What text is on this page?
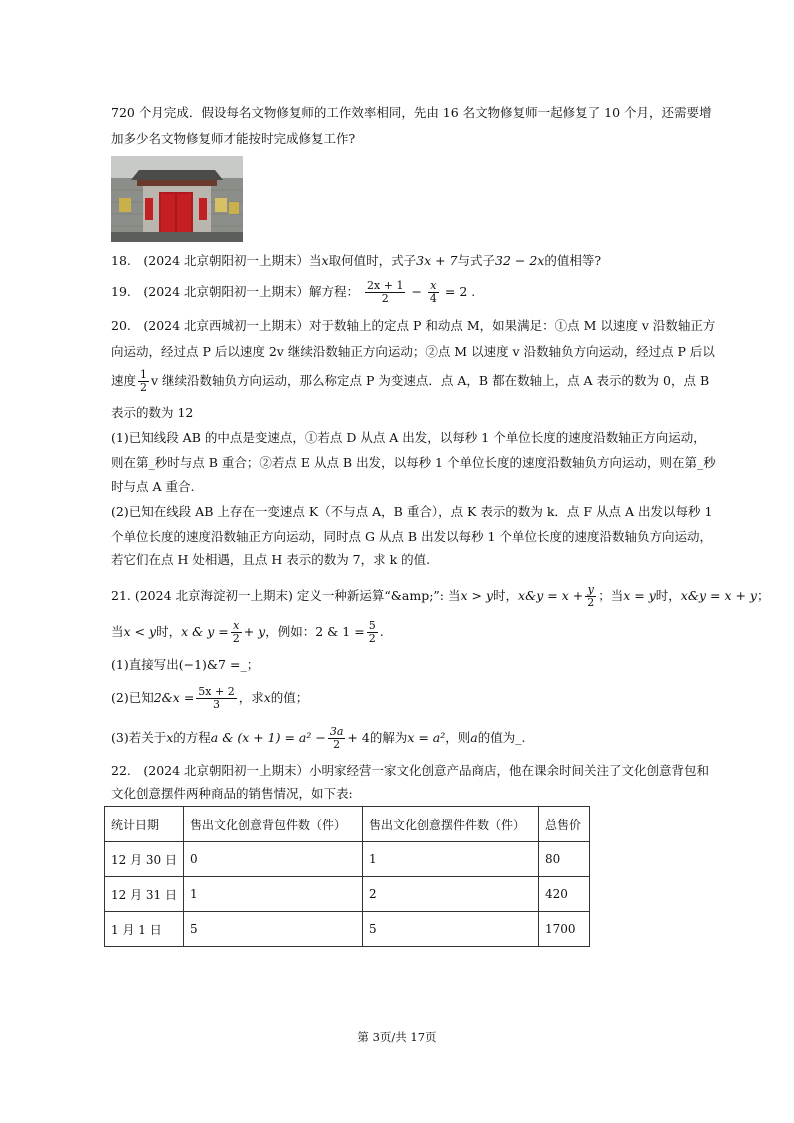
720 个月完成．假设每名文物修复师的工作效率相同，先由 16 名文物修复师一起修复了 10 个月，还需要增
加多少名文物修复师才能按时完成修复工作?
18.　(2024 北京朝阳初一上期末）当x取何值时，式子3x + 7与式子32 − 2x的值相等?
19.　(2024 北京朝阳初一上期末）解方程： $\frac{2x + 1}{2} - \frac{x}{4} = 2$ .
20.　(2024 北京西城初一上期末）对于数轴上的定点 P 和动点 M，如果满足：①点 M 以速度 v 沿数轴正方
向运动，经过点 P 后以速度 2v 继续沿数轴正方向运动；②点 M 以速度 v 沿数轴负方向运动，经过点 P 后以
速度 $\frac{1}{2}$ v 继续沿数轴负方向运动，那么称定点 P 为变速点．点 A，B 都在数轴上，点 A 表示的数为 0，点 B
表示的数为 12
(1)已知线段 AB 的中点是变速点，①若点 D 从点 A 出发，以每秒 1 个单位长度的速度沿数轴正方向运动，
则在第_秒时与点 B 重合；②若点 E 从点 B 出发，以每秒 1 个单位长度的速度沿数轴负方向运动，则在第_秒
时与点 A 重合.
(2)已知在线段 AB 上存在一变速点 K（不与点 A，B 重合），点 K 表示的数为 k．点 F 从点 A 出发以每秒 1
个单位长度的速度沿数轴正方向运动，同时点 G 从点 B 出发以每秒 1 个单位长度的速度沿数轴负方向运动，
若它们在点 H 处相遇，且点 H 表示的数为 7，求 k 的值.
21. (2024 北京海淀初一上期末) 定义一种新运算“&amp;”: 当x > y时，x&y = $x + \frac{y}{2}$ ；当x = y时，x&y = x + y；
当x < y时，x & $y = \frac{x}{2} + y$，例如：2 & $1 = \frac{5}{2}$ .
(1)直接写出(−1)&7 =_；
(2)已知2&x = $\frac{5x + 2}{3}$ ，求x的值；
(3)若关于x的方程a & $(x + 1) = a^2 - \frac{3a}{2} + 4$的解为x = a²，则a的值为_.
22.　(2024 北京朝阳初一上期末）小明家经营一家文化创意产品商店，他在课余时间关注了文化创意背包和
文化创意摆件两种商品的销售情况，如下表:
统计日期	售出文化创意背包件数（件）	售出文化创意摆件件数（件）	总售价
12 月 30 日	0	1	80
12 月 31 日	1	2	420
1 月 1 日	5	5	1700
第 3页/共 17页
